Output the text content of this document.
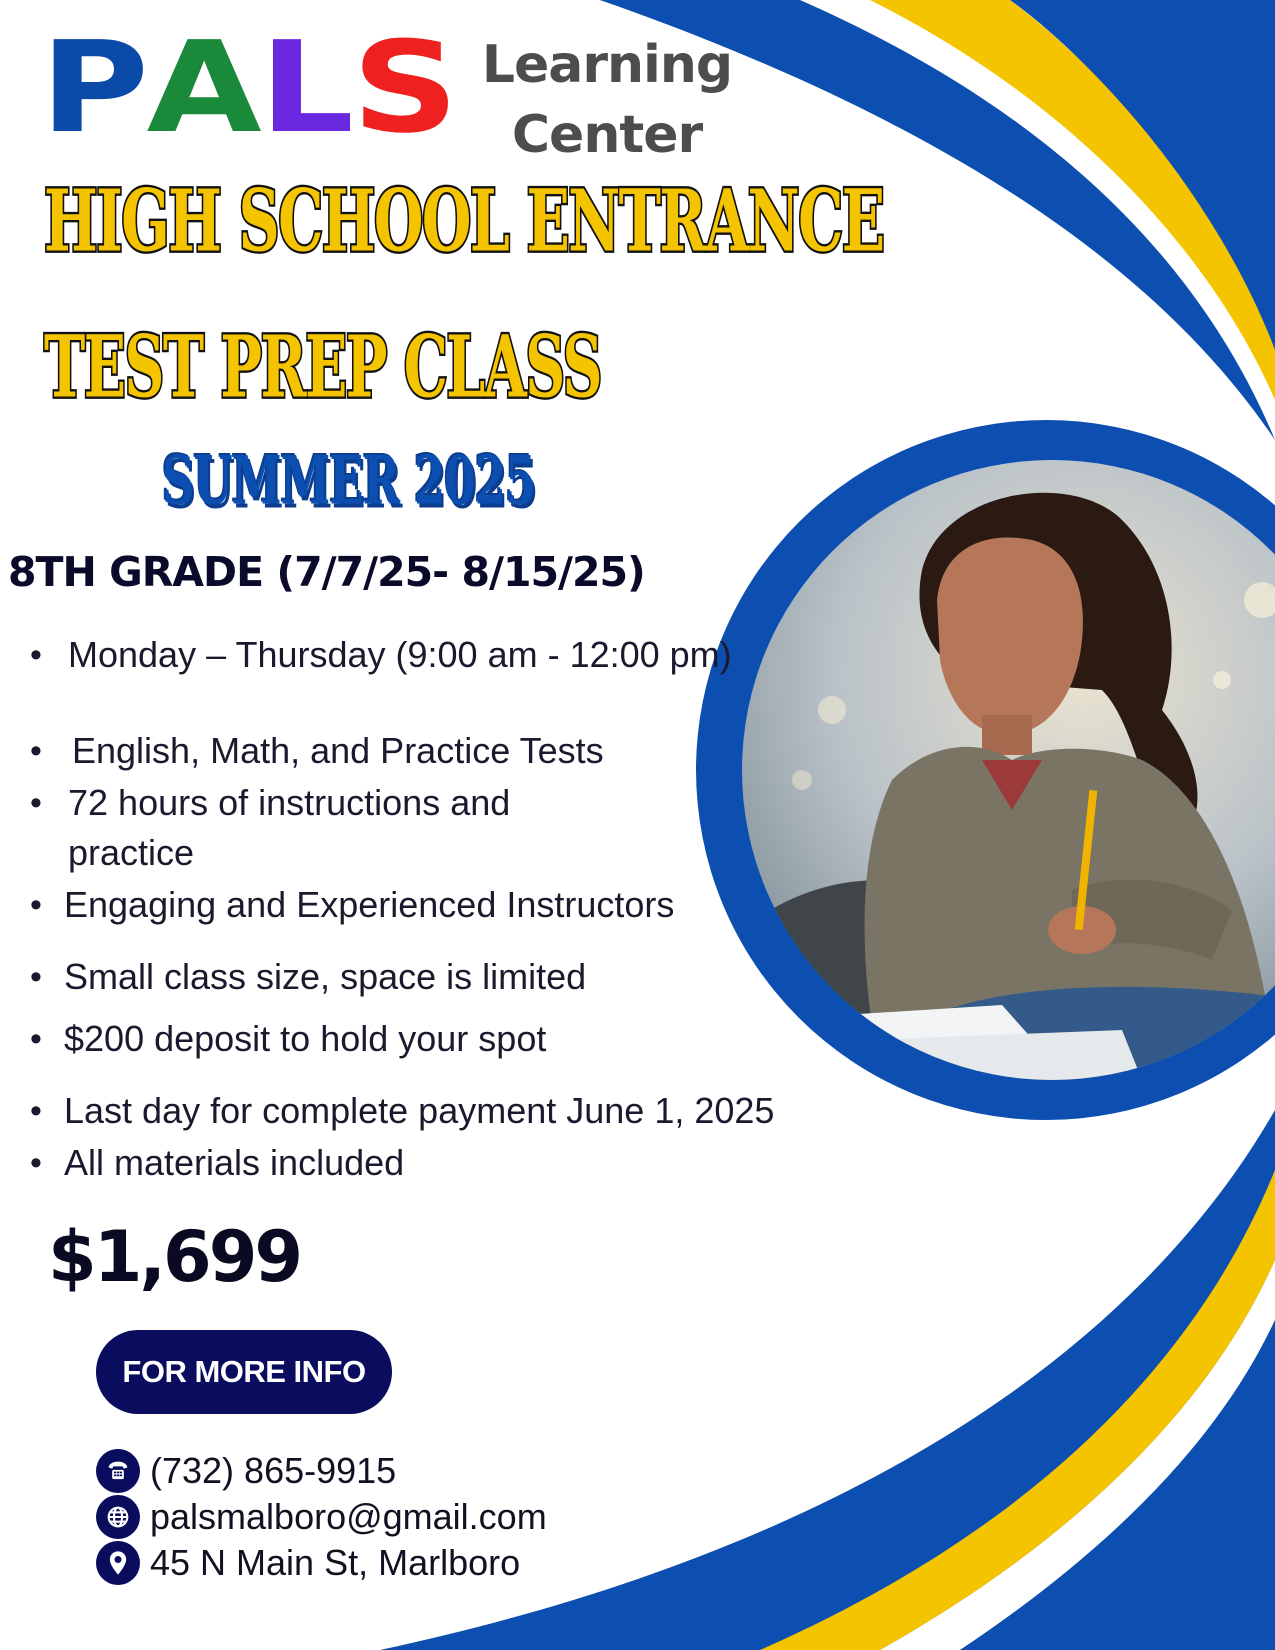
P A L S Learning
Center
HIGH SCHOOL ENTRANCE
TEST PREP CLASS
SUMMER 2025
8TH GRADE (7/7/25- 8/15/25)
• Monday – Thursday (9:00 am - 12:00 pm)
• English, Math, and Practice Tests
• 72 hours of instructions and practice
• Engaging and Experienced Instructors
• Small class size, space is limited
• $200 deposit to hold your spot
• Last day for complete payment June 1, 2025
• All materials included
$1,699
FOR MORE INFO
(732) 865-9915
palsmalboro@gmail.com
45 N Main St, Marlboro
